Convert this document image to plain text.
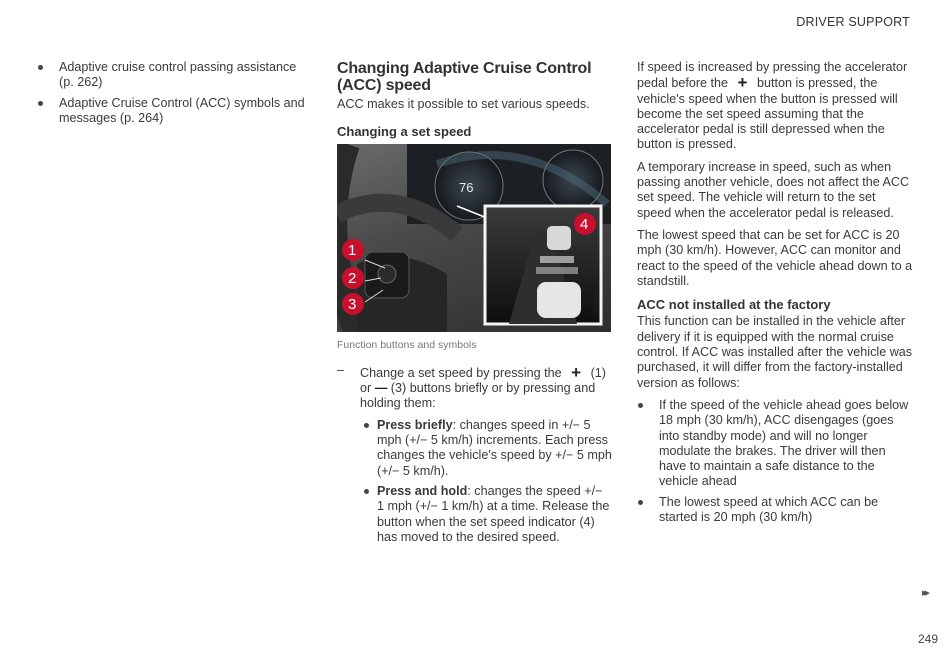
DRIVER SUPPORT
Adaptive cruise control passing assistance (p. 262)
Adaptive Cruise Control (ACC) symbols and messages (p. 264)
Changing Adaptive Cruise Control (ACC) speed

ACC makes it possible to set various speeds.

Changing a set speed
76
G052984
1
2
3
4

Function buttons and symbols

– Change a set speed by pressing the + (1) or — (3) buttons briefly or by pressing and holding them:
Press briefly: changes speed in +/− 5 mph (+/− 5 km/h) increments. Each press changes the vehicle's speed by +/− 5 mph (+/− 5 km/h).
Press and hold: changes the speed +/− 1 mph (+/− 1 km/h) at a time. Release the button when the set speed indicator (4) has moved to the desired speed.

If speed is increased by pressing the accelerator pedal before the + button is pressed, the vehicle's speed when the button is pressed will become the set speed assuming that the accelerator pedal is still depressed when the button is pressed.

A temporary increase in speed, such as when passing another vehicle, does not affect the ACC set speed. The vehicle will return to the set speed when the accelerator pedal is released.

The lowest speed that can be set for ACC is 20 mph (30 km/h). However, ACC can monitor and react to the speed of the vehicle ahead down to a standstill.

ACC not installed at the factory

This function can be installed in the vehicle after delivery if it is equipped with the normal cruise control. If ACC was installed after the vehicle was purchased, it will differ from the factory-installed version as follows:

If the speed of the vehicle ahead goes below 18 mph (30 km/h), ACC disengages (goes into standby mode) and will no longer modulate the brakes. The driver will then have to maintain a safe distance to the vehicle ahead
The lowest speed at which ACC can be started is 20 mph (30 km/h)
▸▸
249
